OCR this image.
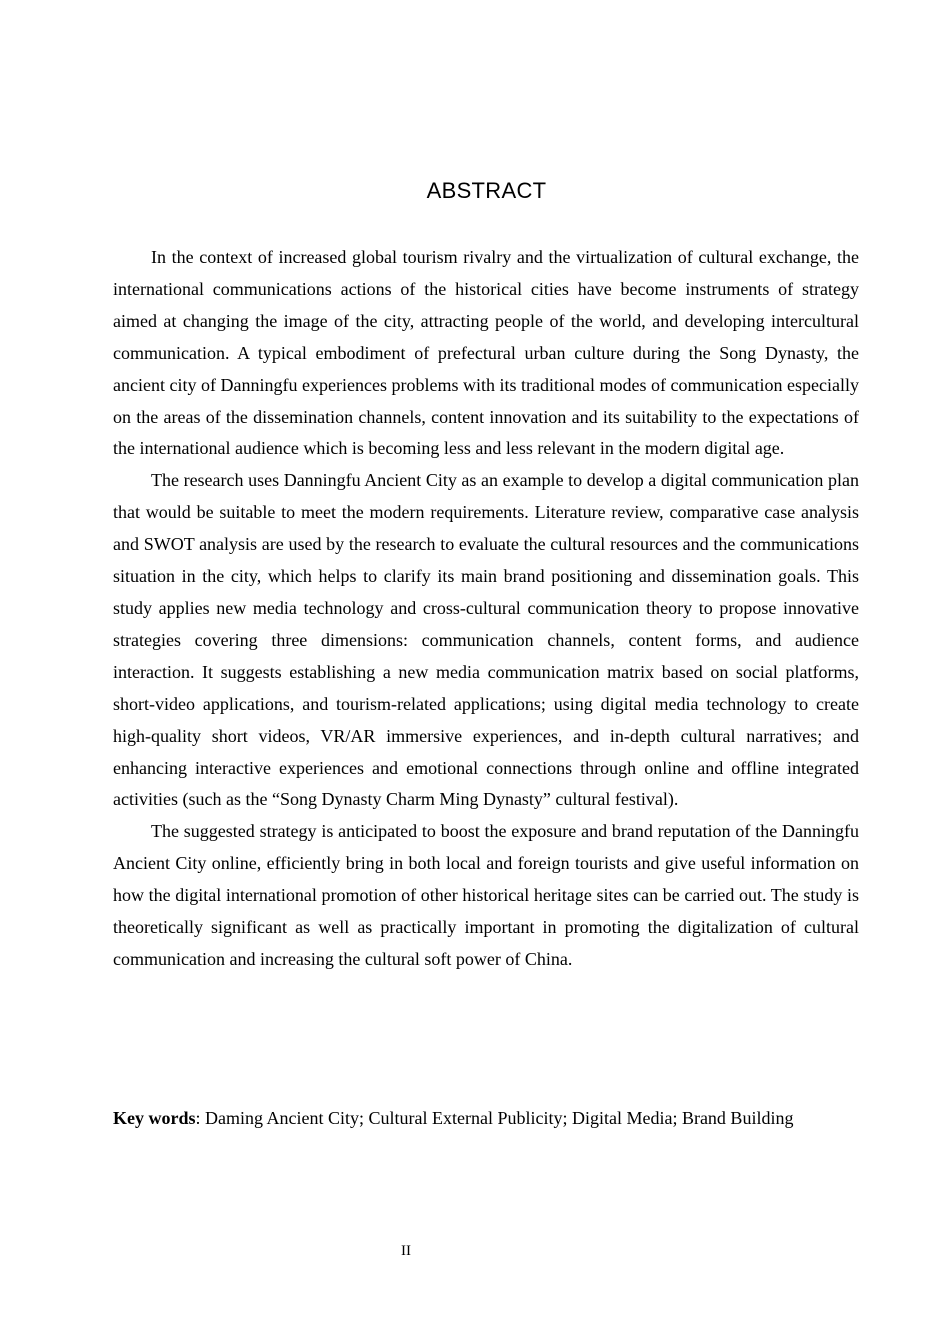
ABSTRACT

In the context of increased global tourism rivalry and the virtualization of cultural exchange, the international communications actions of the historical cities have become instruments of strategy aimed at changing the image of the city, attracting people of the world, and developing intercultural communication. A typical embodiment of prefectural urban culture during the Song Dynasty, the ancient city of Danningfu experiences problems with its traditional modes of communication especially on the areas of the dissemination channels, content innovation and its suitability to the expectations of the international audience which is becoming less and less relevant in the modern digital age.

The research uses Danningfu Ancient City as an example to develop a digital communication plan that would be suitable to meet the modern requirements. Literature review, comparative case analysis and SWOT analysis are used by the research to evaluate the cultural resources and the communications situation in the city, which helps to clarify its main brand positioning and dissemination goals. This study applies new media technology and cross-cultural communication theory to propose innovative strategies covering three dimensions: communication channels, content forms, and audience interaction. It suggests establishing a new media communication matrix based on social platforms, short-video applications, and tourism-related applications; using digital media technology to create high-quality short videos, VR/AR immersive experiences, and in-depth cultural narratives; and enhancing interactive experiences and emotional connections through online and offline integrated activities (such as the “Song Dynasty Charm Ming Dynasty” cultural festival).

The suggested strategy is anticipated to boost the exposure and brand reputation of the Danningfu Ancient City online, efficiently bring in both local and foreign tourists and give useful information on how the digital international promotion of other historical heritage sites can be carried out. The study is theoretically significant as well as practically important in promoting the digitalization of cultural communication and increasing the cultural soft power of China.

Key words: Daming Ancient City; Cultural External Publicity; Digital Media; Brand Building

II
